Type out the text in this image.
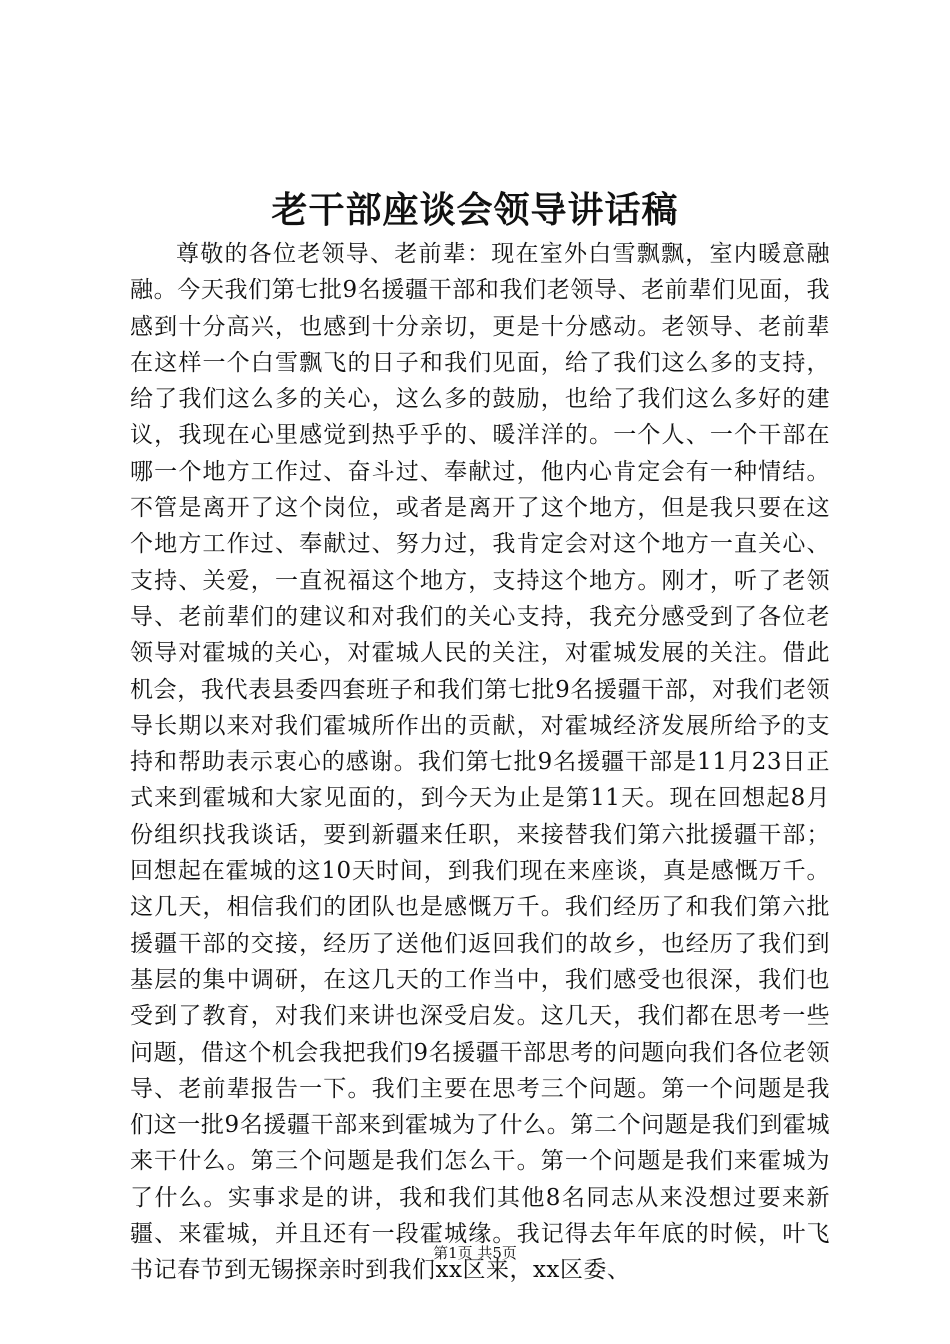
老干部座谈会领导讲话稿

尊敬的各位老领导、老前辈：现在室外白雪飘飘，室内暖意融融。今天我们第七批9名援疆干部和我们老领导、老前辈们见面，我感到十分高兴，也感到十分亲切，更是十分感动。老领导、老前辈在这样一个白雪飘飞的日子和我们见面，给了我们这么多的支持，给了我们这么多的关心，这么多的鼓励，也给了我们这么多好的建议，我现在心里感觉到热乎乎的、暖洋洋的。一个人、一个干部在哪一个地方工作过、奋斗过、奉献过，他内心肯定会有一种情结。不管是离开了这个岗位，或者是离开了这个地方，但是我只要在这个地方工作过、奉献过、努力过，我肯定会对这个地方一直关心、支持、关爱，一直祝福这个地方，支持这个地方。刚才，听了老领导、老前辈们的建议和对我们的关心支持，我充分感受到了各位老领导对霍城的关心，对霍城人民的关注，对霍城发展的关注。借此机会，我代表县委四套班子和我们第七批9名援疆干部，对我们老领导长期以来对我们霍城所作出的贡献，对霍城经济发展所给予的支持和帮助表示衷心的感谢。我们第七批9名援疆干部是11月23日正式来到霍城和大家见面的，到今天为止是第11天。现在回想起8月份组织找我谈话，要到新疆来任职，来接替我们第六批援疆干部；回想起在霍城的这10天时间，到我们现在来座谈，真是感慨万千。这几天，相信我们的团队也是感慨万千。我们经历了和我们第六批援疆干部的交接，经历了送他们返回我们的故乡，也经历了我们到基层的集中调研，在这几天的工作当中，我们感受也很深，我们也受到了教育，对我们来讲也深受启发。这几天，我们都在思考一些问题，借这个机会我把我们9名援疆干部思考的问题向我们各位老领导、老前辈报告一下。我们主要在思考三个问题。第一个问题是我们这一批9名援疆干部来到霍城为了什么。第二个问题是我们到霍城来干什么。第三个问题是我们怎么干。第一个问题是我们来霍城为了什么。实事求是的讲，我和我们其他8名同志从来没想过要来新疆、来霍城，并且还有一段霍城缘。我记得去年年底的时候，叶飞书记春节到无锡探亲时到我们xx区来，xx区委、

第1页 共5页
